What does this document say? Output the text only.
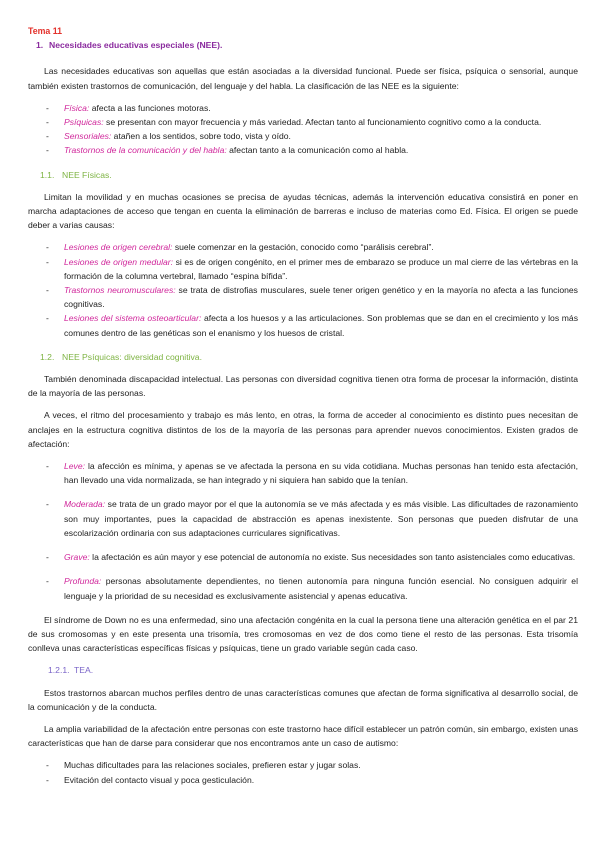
Tema 11
1. Necesidades educativas especiales (NEE).

Las necesidades educativas son aquellas que están asociadas a la diversidad funcional. Puede ser física, psíquica o sensorial, aunque también existen trastornos de comunicación, del lenguaje y del habla. La clasificación de las NEE es la siguiente:

- Física: afecta a las funciones motoras.
- Psíquicas: se presentan con mayor frecuencia y más variedad. Afectan tanto al funcionamiento cognitivo como a la conducta.
- Sensoriales: atañen a los sentidos, sobre todo, vista y oído.
- Trastornos de la comunicación y del habla: afectan tanto a la comunicación como al habla.
1.1. NEE Físicas.

Limitan la movilidad y en muchas ocasiones se precisa de ayudas técnicas, además la intervención educativa consistirá en poner en marcha adaptaciones de acceso que tengan en cuenta la eliminación de barreras e incluso de materias como Ed. Física. El origen se puede deber a varias causas:

- Lesiones de origen cerebral: suele comenzar en la gestación, conocido como “parálisis cerebral”.
- Lesiones de origen medular: si es de origen congénito, en el primer mes de embarazo se produce un mal cierre de las vértebras en la formación de la columna vertebral, llamado “espina bífida”.
- Trastornos neuromusculares: se trata de distrofias musculares, suele tener origen genético y en la mayoría no afecta a las funciones cognitivas.
- Lesiones del sistema osteoarticular: afecta a los huesos y a las articulaciones. Son problemas que se dan en el crecimiento y los más comunes dentro de las genéticas son el enanismo y los huesos de cristal.
1.2. NEE Psíquicas: diversidad cognitiva.

También denominada discapacidad intelectual. Las personas con diversidad cognitiva tienen otra forma de procesar la información, distinta de la mayoría de las personas.

A veces, el ritmo del procesamiento y trabajo es más lento, en otras, la forma de acceder al conocimiento es distinto pues necesitan de anclajes en la estructura cognitiva distintos de los de la mayoría de las personas para aprender nuevos conocimientos. Existen grados de afectación:

- Leve: la afección es mínima, y apenas se ve afectada la persona en su vida cotidiana. Muchas personas han tenido esta afectación, han llevado una vida normalizada, se han integrado y ni siquiera han sabido que la tenían.
- Moderada: se trata de un grado mayor por el que la autonomía se ve más afectada y es más visible. Las dificultades de razonamiento son muy importantes, pues la capacidad de abstracción es apenas inexistente. Son personas que pueden disfrutar de una escolarización ordinaria con sus adaptaciones curriculares significativas.
- Grave: la afectación es aún mayor y ese potencial de autonomía no existe. Sus necesidades son tanto asistenciales como educativas.
- Profunda: personas absolutamente dependientes, no tienen autonomía para ninguna función esencial. No consiguen adquirir el lenguaje y la prioridad de su necesidad es exclusivamente asistencial y apenas educativa.

El síndrome de Down no es una enfermedad, sino una afectación congénita en la cual la persona tiene una alteración genética en el par 21 de sus cromosomas y en este presenta una trisomía, tres cromosomas en vez de dos como tiene el resto de las personas. Esta trisomía conlleva unas características específicas físicas y psíquicas, tiene un grado variable según cada caso.

1.2.1. TEA.

Estos trastornos abarcan muchos perfiles dentro de unas características comunes que afectan de forma significativa al desarrollo social, de la comunicación y de la conducta.

La amplia variabilidad de la afectación entre personas con este trastorno hace difícil establecer un patrón común, sin embargo, existen unas características que han de darse para considerar que nos encontramos ante un caso de autismo:

- Muchas dificultades para las relaciones sociales, prefieren estar y jugar solas.
- Evitación del contacto visual y poca gesticulación.
